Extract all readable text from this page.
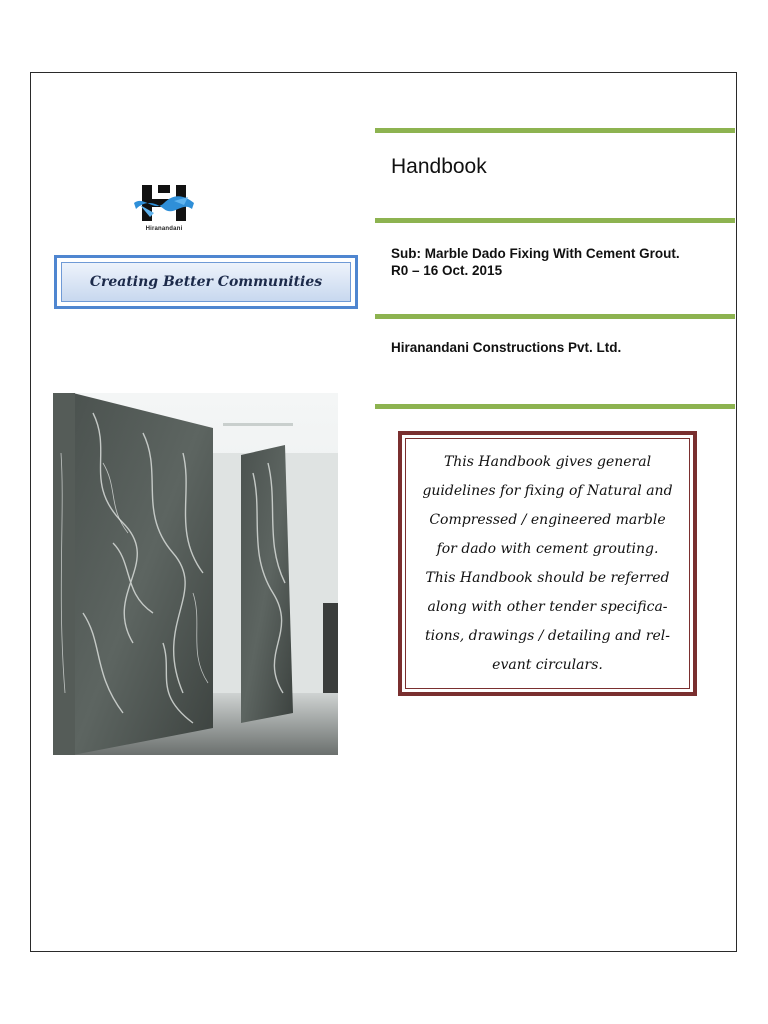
Handbook
Sub: Marble Dado Fixing With Cement Grout.
R0 – 16 Oct. 2015
Hiranandani Constructions Pvt. Ltd.
Hiranandani
Creating Better Communities
This Handbook gives general
guidelines for fixing of Natural and
Compressed / engineered marble
for dado with cement grouting.
This Handbook should be referred
along with other tender specifica-
tions, drawings / detailing and rel-
evant circulars.
